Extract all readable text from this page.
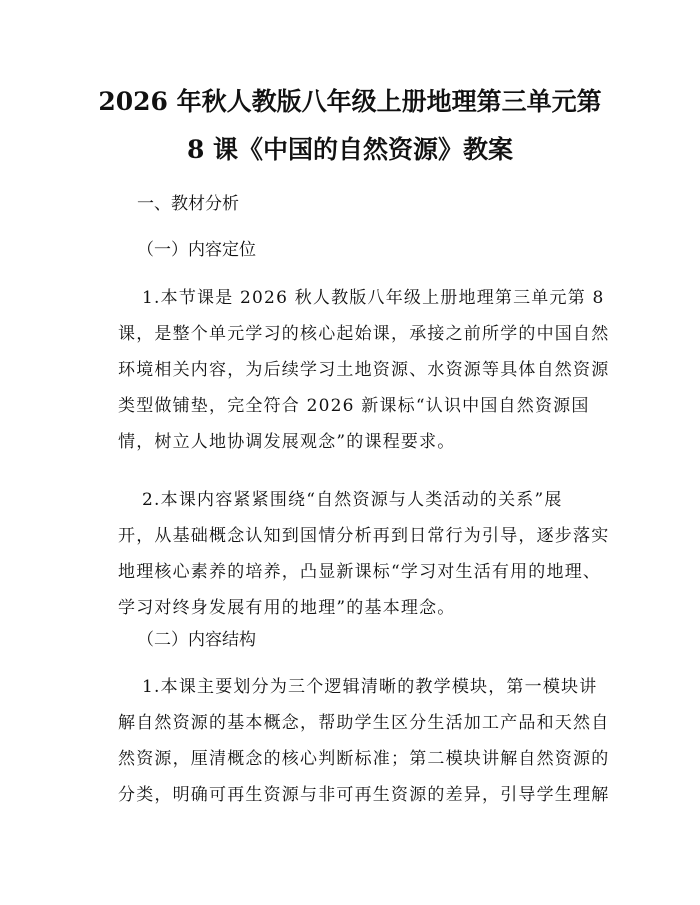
2026 年秋人教版八年级上册地理第三单元第
8 课《中国的自然资源》教案
一、教材分析
（一）内容定位
1.本节课是 2026 秋人教版八年级上册地理第三单元第 8
课，是整个单元学习的核心起始课，承接之前所学的中国自然
环境相关内容，为后续学习土地资源、水资源等具体自然资源
类型做铺垫，完全符合 2026 新课标“认识中国自然资源国
情，树立人地协调发展观念”的课程要求。
2.本课内容紧紧围绕“自然资源与人类活动的关系”展
开，从基础概念认知到国情分析再到日常行为引导，逐步落实
地理核心素养的培养，凸显新课标“学习对生活有用的地理、
学习对终身发展有用的地理”的基本理念。
（二）内容结构
1.本课主要划分为三个逻辑清晰的教学模块，第一模块讲
解自然资源的基本概念，帮助学生区分生活加工产品和天然自
然资源，厘清概念的核心判断标准；第二模块讲解自然资源的
分类，明确可再生资源与非可再生资源的差异，引导学生理解
